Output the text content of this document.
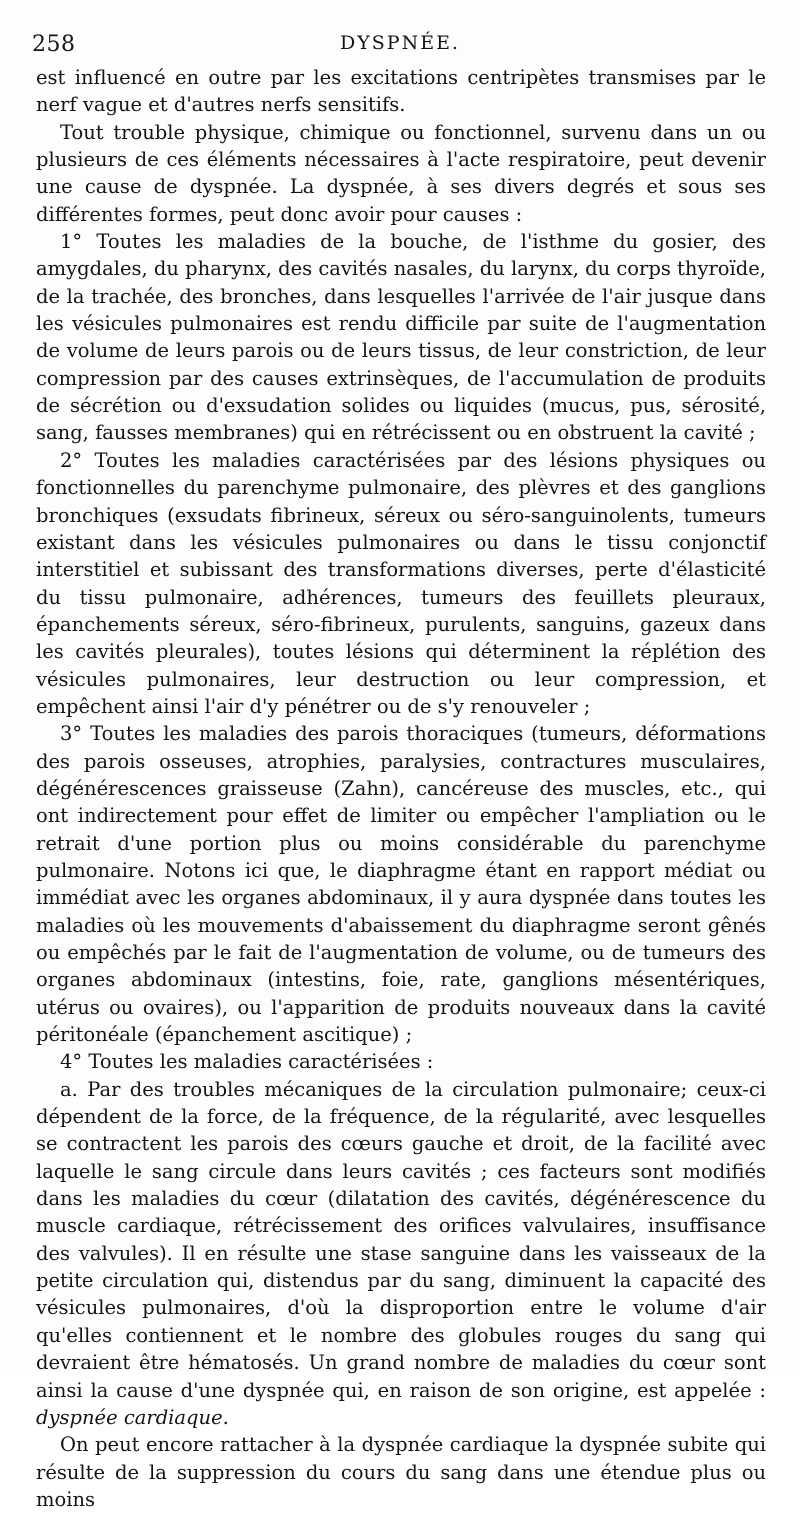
258	DYSPNÉE.

est influencé en outre par les excitations centripètes transmises par le nerf vague et d'autres nerfs sensitifs.

Tout trouble physique, chimique ou fonctionnel, survenu dans un ou plusieurs de ces éléments nécessaires à l'acte respiratoire, peut devenir une cause de dyspnée. La dyspnée, à ses divers degrés et sous ses différentes formes, peut donc avoir pour causes :

1° Toutes les maladies de la bouche, de l'isthme du gosier, des amygdales, du pharynx, des cavités nasales, du larynx, du corps thyroïde, de la trachée, des bronches, dans lesquelles l'arrivée de l'air jusque dans les vésicules pulmonaires est rendu difficile par suite de l'augmentation de volume de leurs parois ou de leurs tissus, de leur constriction, de leur compression par des causes extrinsèques, de l'accumulation de produits de sécrétion ou d'exsudation solides ou liquides (mucus, pus, sérosité, sang, fausses membranes) qui en rétrécissent ou en obstruent la cavité ;

2° Toutes les maladies caractérisées par des lésions physiques ou fonctionnelles du parenchyme pulmonaire, des plèvres et des ganglions bronchiques (exsudats fibrineux, séreux ou séro-sanguinolents, tumeurs existant dans les vésicules pulmonaires ou dans le tissu conjonctif interstitiel et subissant des transformations diverses, perte d'élasticité du tissu pulmonaire, adhérences, tumeurs des feuillets pleuraux, épanchements séreux, séro-fibrineux, purulents, sanguins, gazeux dans les cavités pleurales), toutes lésions qui déterminent la réplétion des vésicules pulmonaires, leur destruction ou leur compression, et empêchent ainsi l'air d'y pénétrer ou de s'y renouveler ;

3° Toutes les maladies des parois thoraciques (tumeurs, déformations des parois osseuses, atrophies, paralysies, contractures musculaires, dégénérescences graisseuse (Zahn), cancéreuse des muscles, etc., qui ont indirectement pour effet de limiter ou empêcher l'ampliation ou le retrait d'une portion plus ou moins considérable du parenchyme pulmonaire. Notons ici que, le diaphragme étant en rapport médiat ou immédiat avec les organes abdominaux, il y aura dyspnée dans toutes les maladies où les mouvements d'abaissement du diaphragme seront gênés ou empêchés par le fait de l'augmentation de volume, ou de tumeurs des organes abdominaux (intestins, foie, rate, ganglions mésentériques, utérus ou ovaires), ou l'apparition de produits nouveaux dans la cavité péritonéale (épanchement ascitique) ;

4° Toutes les maladies caractérisées :

a. Par des troubles mécaniques de la circulation pulmonaire; ceux-ci dépendent de la force, de la fréquence, de la régularité, avec lesquelles se contractent les parois des cœurs gauche et droit, de la facilité avec laquelle le sang circule dans leurs cavités ; ces facteurs sont modifiés dans les maladies du cœur (dilatation des cavités, dégénérescence du muscle cardiaque, rétrécissement des orifices valvulaires, insuffisance des valvules). Il en résulte une stase sanguine dans les vaisseaux de la petite circulation qui, distendus par du sang, diminuent la capacité des vésicules pulmonaires, d'où la disproportion entre le volume d'air qu'elles contiennent et le nombre des globules rouges du sang qui devraient être hématosés. Un grand nombre de maladies du cœur sont ainsi la cause d'une dyspnée qui, en raison de son origine, est appelée : dyspnée cardiaque.

On peut encore rattacher à la dyspnée cardiaque la dyspnée subite qui résulte de la suppression du cours du sang dans une étendue plus ou moins
